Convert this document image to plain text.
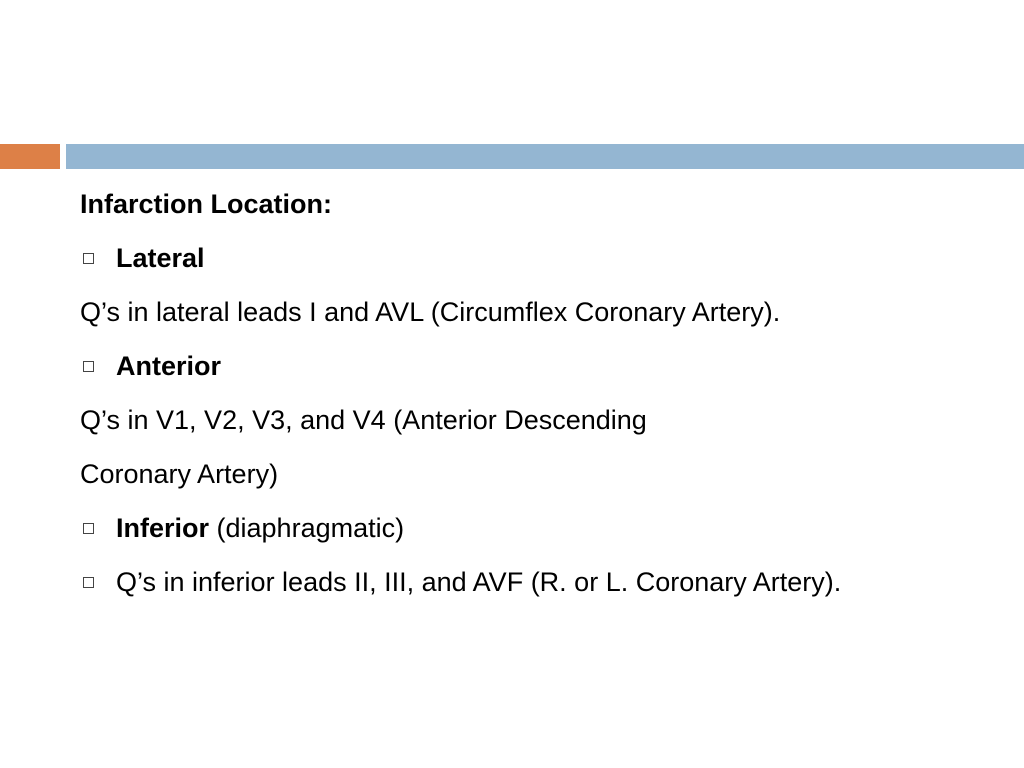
Infarction Location:
Lateral
Q’s in lateral leads I and AVL (Circumflex Coronary Artery).
Anterior
Q’s in V1, V2, V3, and V4 (Anterior Descending
Coronary Artery)
Inferior (diaphragmatic)
Q’s in inferior leads II, III, and AVF (R. or L. Coronary Artery).
